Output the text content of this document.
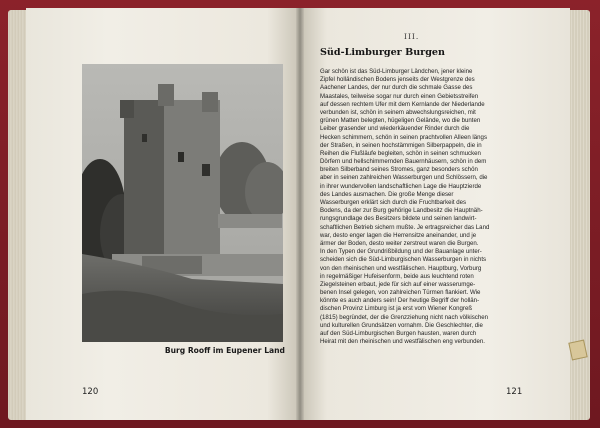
Burg Rooff im Eupener Land
120
III.
Süd-Limburger Burgen
Gar schön ist das Süd-Limburger Ländchen, jener kleine
Zipfel holländischen Bodens jenseits der Westgrenze des
Aachener Landes, der nur durch die schmale Gasse des
Maastales, teilweise sogar nur durch einen Gebietsstreifen
auf dessen rechtem Ufer mit dem Kernlande der Niederlande
verbunden ist, schön in seinem abwechslungsreichen, mit
grünen Matten belegten, hügeligen Gelände, wo die bunten
Leiber grasender und wiederkäuender Rinder durch die
Hecken schimmern, schön in seinen prachtvollen Alleen längs
der Straßen, in seinen hochstämmigen Silberpappeln, die in
Reihen die Flußläufe begleiten, schön in seinen schmucken
Dörfern und hellschimmernden Bauernhäusern, schön in dem
breiten Silberband seines Stromes, ganz besonders schön
aber in seinen zahlreichen Wasserburgen und Schlössern, die
in ihrer wundervollen landschaftlichen Lage die Hauptzierde
des Landes ausmachen. Die große Menge dieser
Wasserburgen erklärt sich durch die Fruchtbarkeit des
Bodens, da der zur Burg gehörige Landbesitz die Hauptnäh-
rungsgrundlage des Besitzers bildete und seinen landwirt-
schaftlichen Betrieb sichern mußte. Je ertragsreicher das Land
war, desto enger lagen die Herrensitze aneinander, und je
ärmer der Boden, desto weiter zerstreut waren die Burgen.
In den Typen der Grundrißbildung und der Bauanlage unter-
scheiden sich die Süd-Limburgischen Wasserburgen in nichts
von den rheinischen und westfälischen. Hauptburg, Vorburg
in regelmäßiger Hufeisenform, beide aus leuchtend roten
Ziegelsteinen erbaut, jede für sich auf einer wasserumge-
benen Insel gelegen, von zahlreichen Türmen flankiert. Wie
könnte es auch anders sein! Der heutige Begriff der hollän-
dischen Provinz Limburg ist ja erst vom Wiener Kongreß
(1815) begründet, der die Grenzziehung nicht nach völkischen
und kulturellen Grundsätzen vornahm. Die Geschlechter, die
auf den Süd-Limburgischen Burgen hausten, waren durch
Heirat mit den rheinischen und westfälischen eng verbunden.
121
